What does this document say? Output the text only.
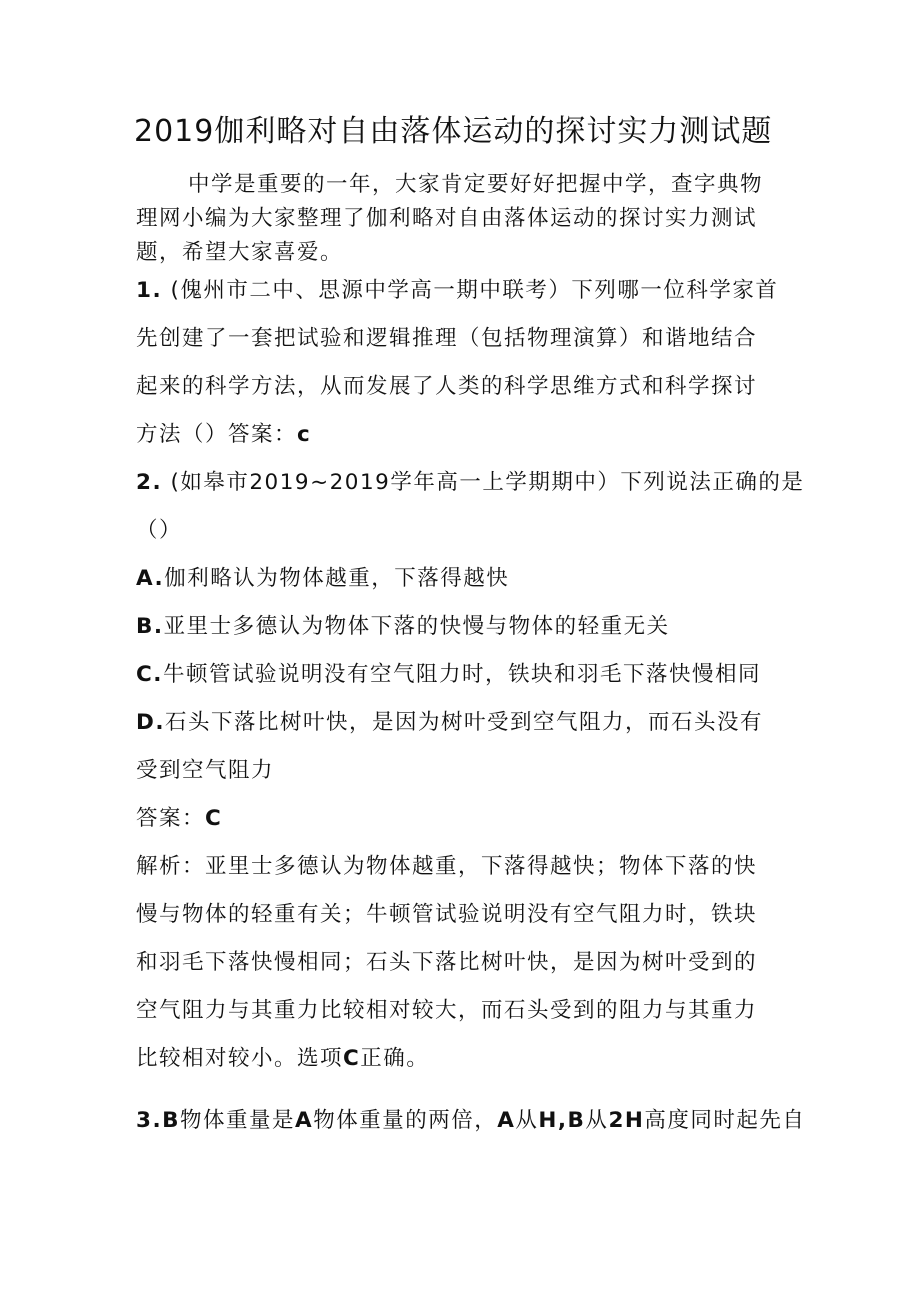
2019伽利略对自由落体运动的探讨实力测试题
中学是重要的一年，大家肯定要好好把握中学，查字典物
理网小编为大家整理了伽利略对自由落体运动的探讨实力测试
题，希望大家喜爱。
1. (傀州市二中、思源中学高一期中联考）下列哪一位科学家首
先创建了一套把试验和逻辑推理（包括物理演算）和谐地结合
起来的科学方法，从而发展了人类的科学思维方式和科学探讨
方法（）答案：c
2. (如皋市2019~2019学年高一上学期期中）下列说法正确的是
（）
A.伽利略认为物体越重，下落得越快
B.亚里士多德认为物体下落的快慢与物体的轻重无关
C.牛顿管试验说明没有空气阻力时，铁块和羽毛下落快慢相同
D.石头下落比树叶快，是因为树叶受到空气阻力，而石头没有
受到空气阻力
答案：C
解析：亚里士多德认为物体越重，下落得越快；物体下落的快
慢与物体的轻重有关；牛顿管试验说明没有空气阻力时，铁块
和羽毛下落快慢相同；石头下落比树叶快，是因为树叶受到的
空气阻力与其重力比较相对较大，而石头受到的阻力与其重力
比较相对较小。选项C正确。
3.B物体重量是A物体重量的两倍，A从H,B从2H高度同时起先自
